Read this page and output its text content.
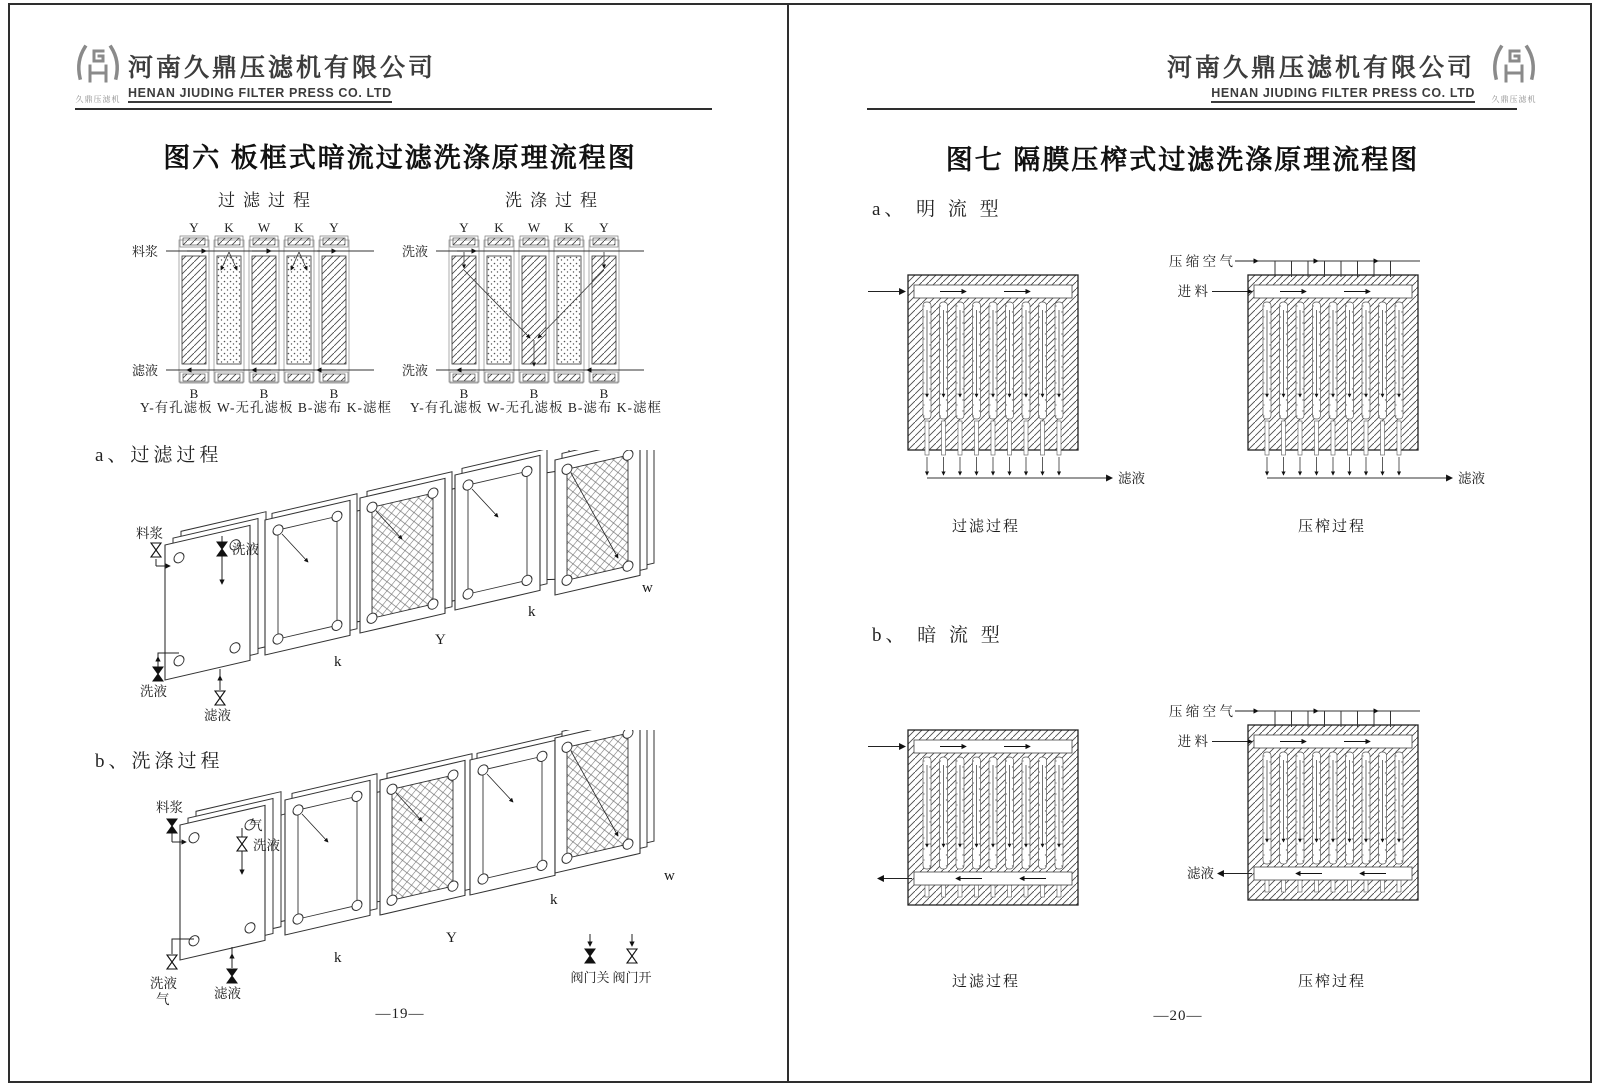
久鼎压滤机
河南久鼎压滤机有限公司
HENAN JIUDING FILTER PRESS CO. LTD
图六 板框式暗流过滤洗涤原理流程图
过滤过程	洗涤过程
Y K W K Y
料浆
滤液
B	B	B
Y K W K Y
洗液
洗液
B	B	B
Y-有孔滤板 W-无孔滤板 B-滤布 K-滤框	Y-有孔滤板 W-无孔滤板 B-滤布 K-滤框
a、过滤过程
料浆
洗液
洗液
滤液
k
Y
k
w
b、洗涤过程
料浆
气
洗液
洗液
气	滤液
k
Y
k
w
阀门关 阀门开
—19—
河南久鼎压滤机有限公司
HENAN JIUDING FILTER PRESS CO. LTD 久鼎压滤机
图七 隔膜压榨式过滤洗涤原理流程图
a、 明 流 型
滤液
压 缩 空 气
进 料
滤液
过滤过程	压榨过程
b、 暗 流 型
压 缩 空 气
进 料
滤液
过滤过程	压榨过程
—20—
